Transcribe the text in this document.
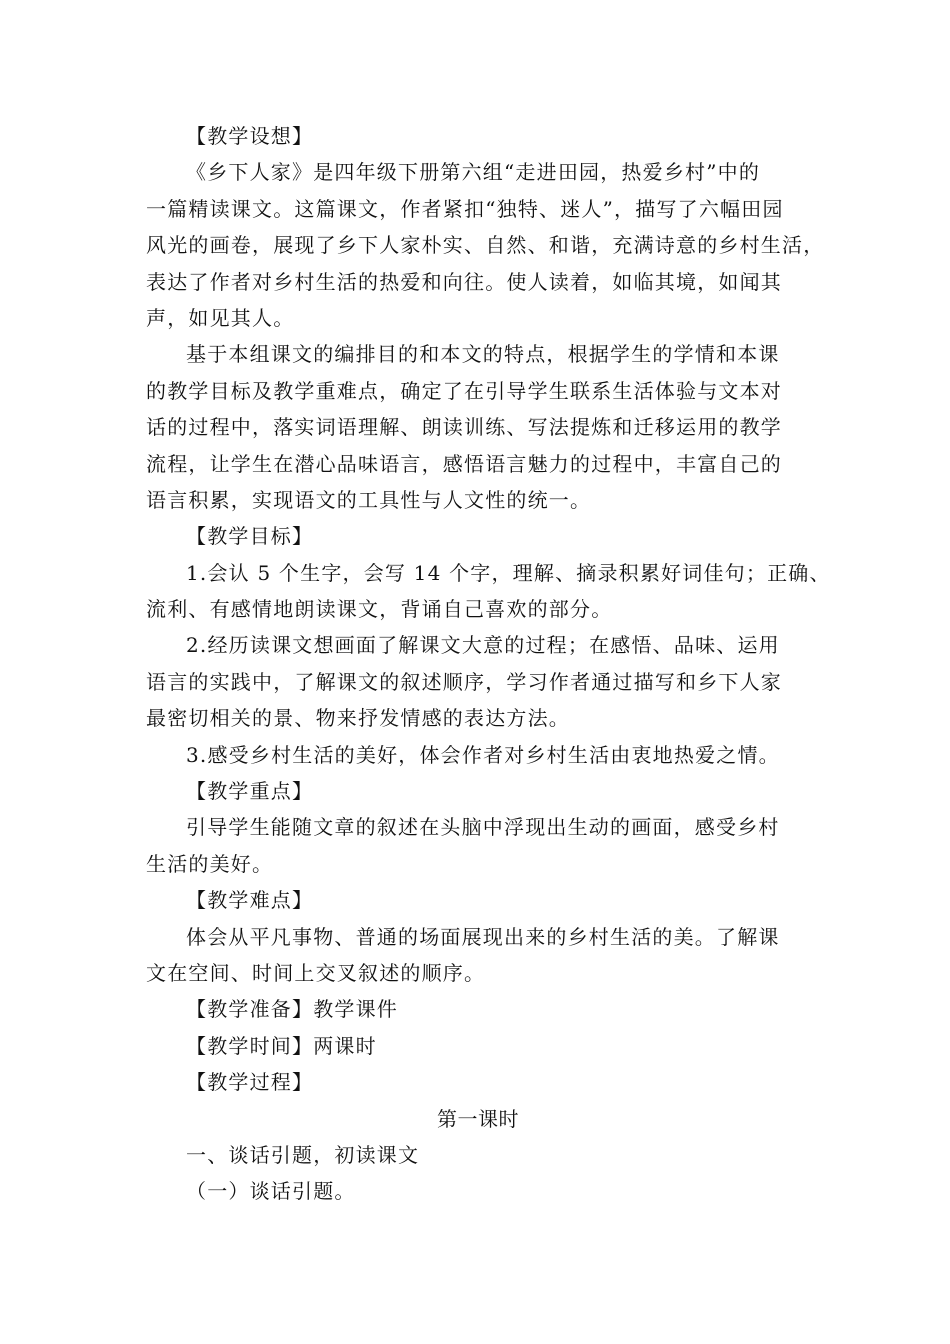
【教学设想】
《乡下人家》是四年级下册第六组“走进田园，热爱乡村”中的
一篇精读课文。这篇课文，作者紧扣“独特、迷人”，描写了六幅田园
风光的画卷，展现了乡下人家朴实、自然、和谐，充满诗意的乡村生活，
表达了作者对乡村生活的热爱和向往。使人读着，如临其境，如闻其
声，如见其人。
基于本组课文的编排目的和本文的特点，根据学生的学情和本课
的教学目标及教学重难点，确定了在引导学生联系生活体验与文本对
话的过程中，落实词语理解、朗读训练、写法提炼和迁移运用的教学
流程，让学生在潜心品味语言，感悟语言魅力的过程中，丰富自己的
语言积累，实现语文的工具性与人文性的统一。
【教学目标】
1.会认 5 个生字，会写 14 个字，理解、摘录积累好词佳句；正确、
流利、有感情地朗读课文，背诵自己喜欢的部分。
2.经历读课文想画面了解课文大意的过程；在感悟、品味、运用
语言的实践中，了解课文的叙述顺序，学习作者通过描写和乡下人家
最密切相关的景、物来抒发情感的表达方法。
3.感受乡村生活的美好，体会作者对乡村生活由衷地热爱之情。
【教学重点】
引导学生能随文章的叙述在头脑中浮现出生动的画面，感受乡村
生活的美好。
【教学难点】
体会从平凡事物、普通的场面展现出来的乡村生活的美。了解课
文在空间、时间上交叉叙述的顺序。
【教学准备】教学课件
【教学时间】两课时
【教学过程】
第一课时
一、谈话引题，初读课文
（一）谈话引题。
